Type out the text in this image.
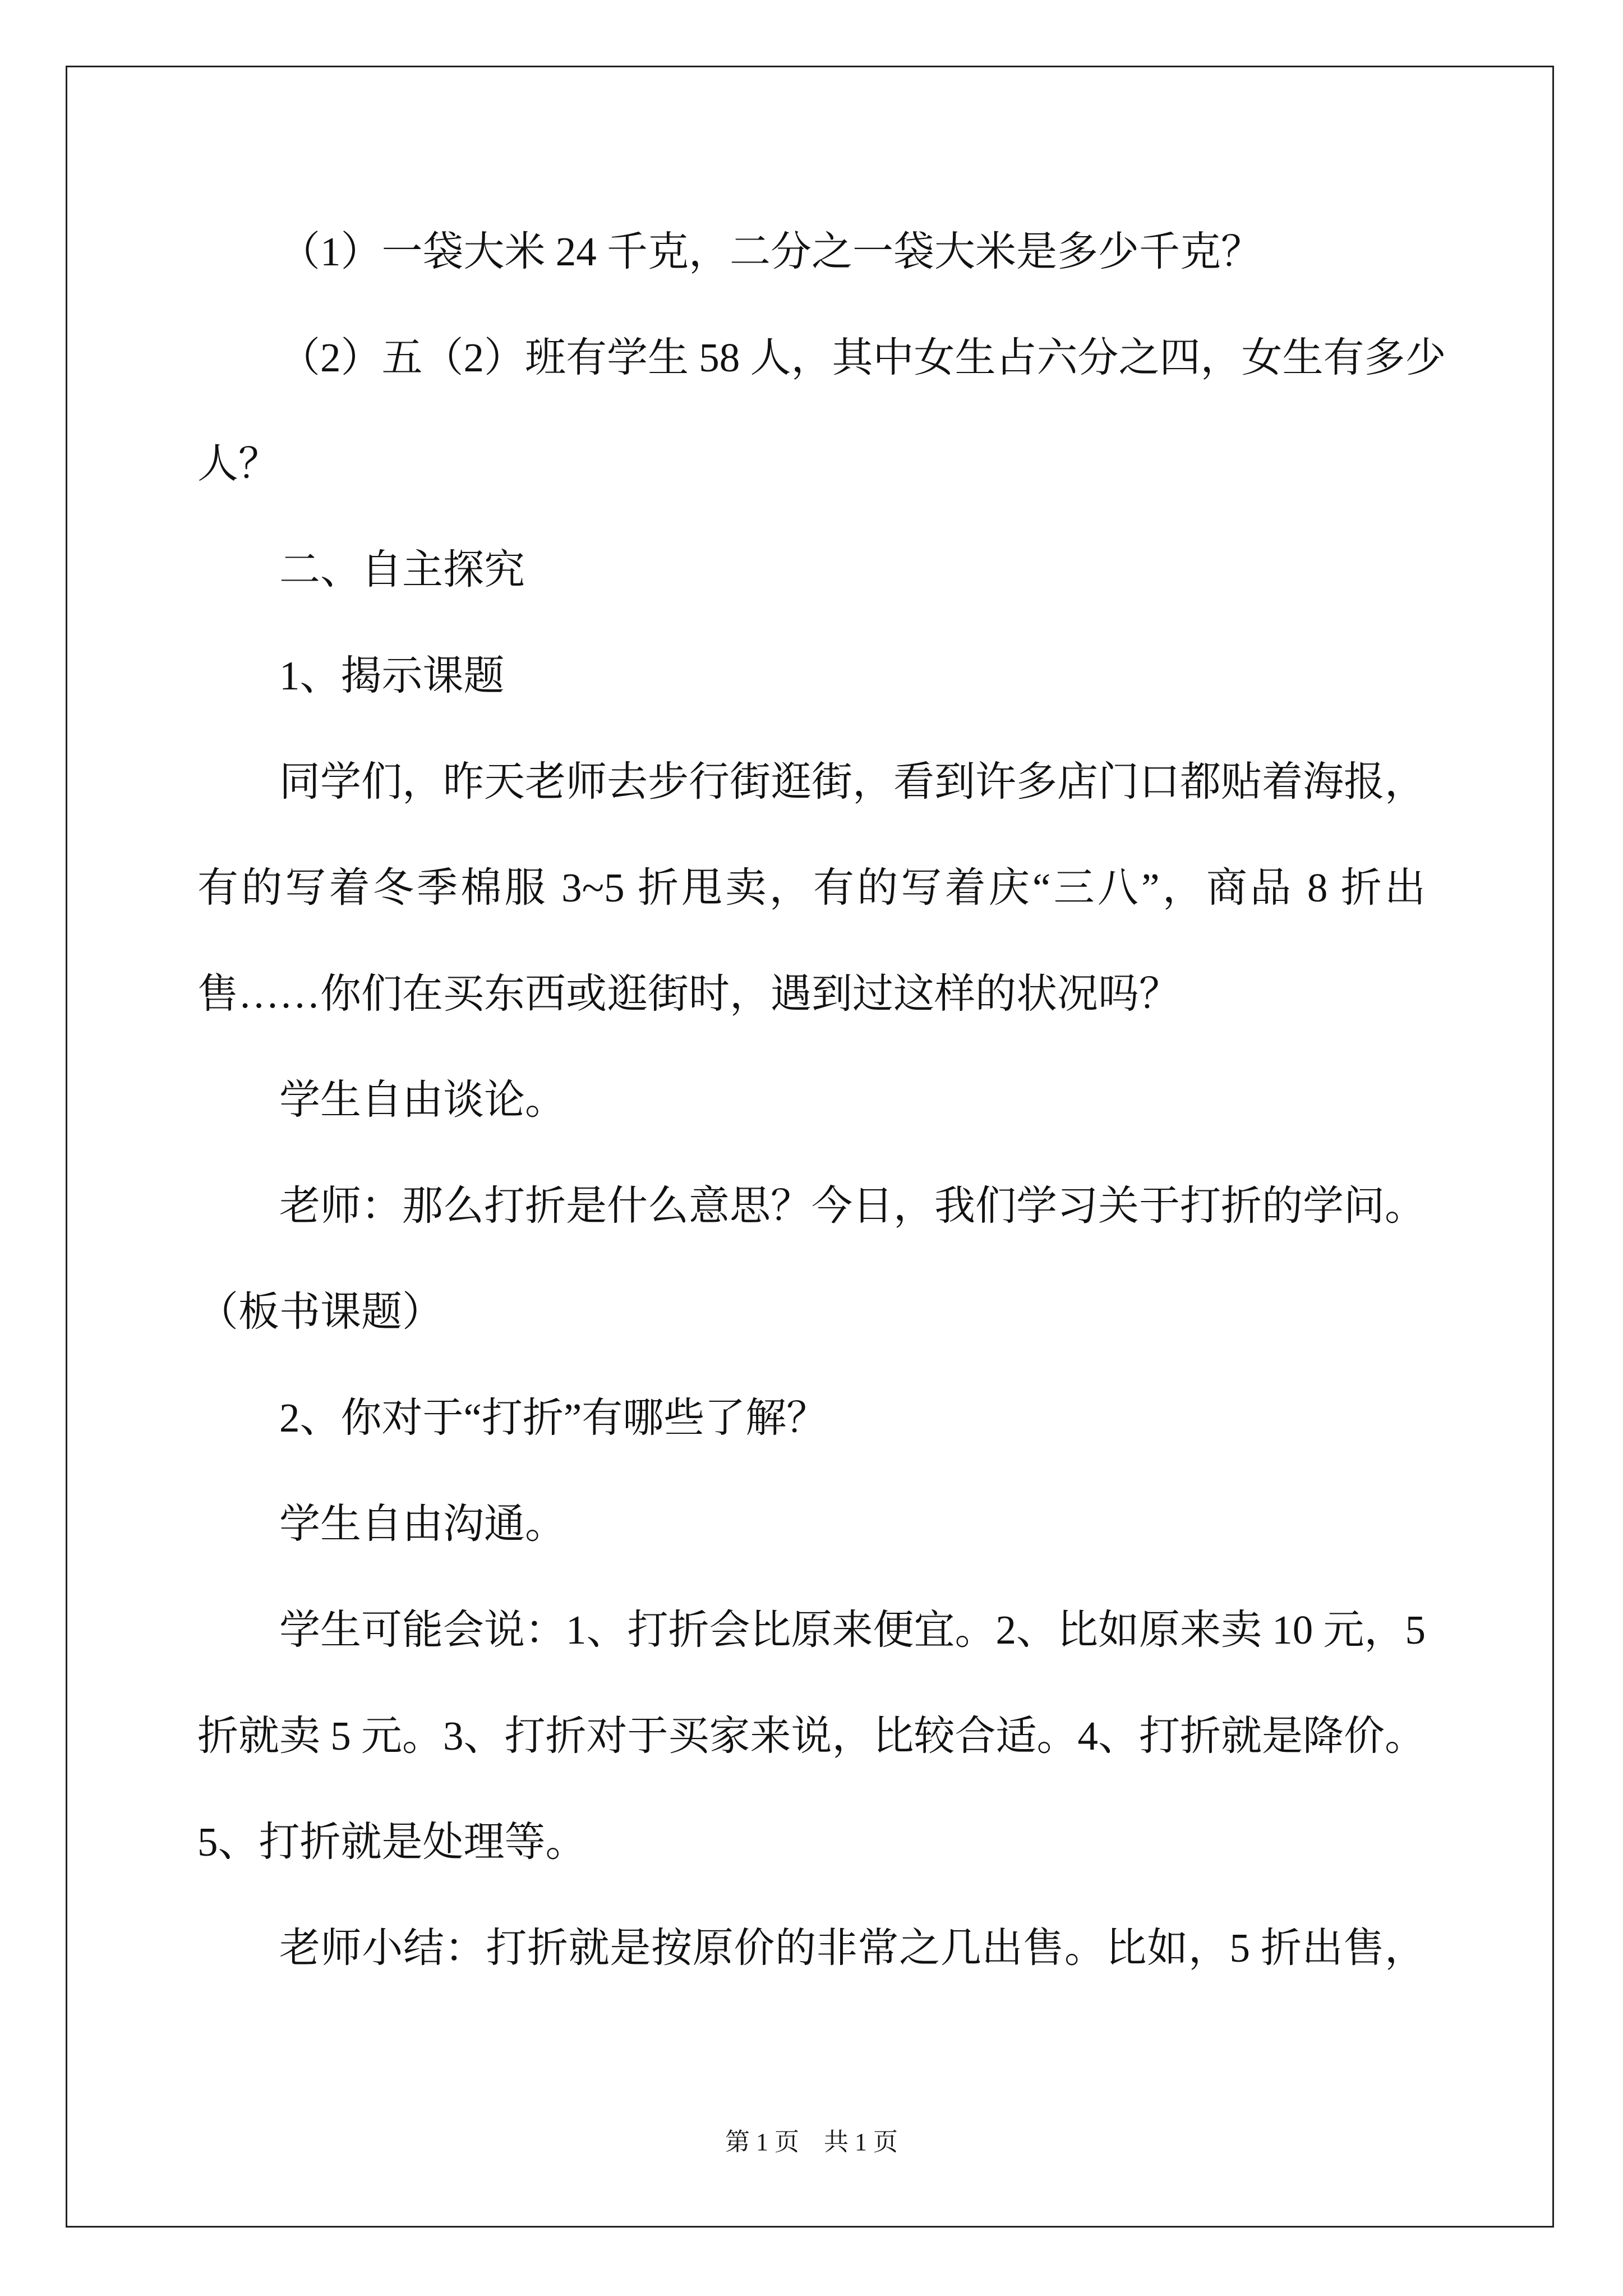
（1）一袋大米 24 千克，二分之一袋大米是多少千克？
（2）五（2）班有学生 58 人，其中女生占六分之四，女生有多少
人？
二、自主探究
1、揭示课题
同学们，昨天老师去步行街逛街，看到许多店门口都贴着海报，
有的写着冬季棉服 3~5 折甩卖，有的写着庆“三八”，商品 8 折出
售……你们在买东西或逛街时，遇到过这样的状况吗？
学生自由谈论。
老师：那么打折是什么意思？今日，我们学习关于打折的学问。
（板书课题）
2、你对于“打折”有哪些了解？
学生自由沟通。
学生可能会说：1、打折会比原来便宜。2、比如原来卖 10 元，5
折就卖 5 元。3、打折对于买家来说，比较合适。4、打折就是降价。
5、打折就是处理等。
老师小结：打折就是按原价的非常之几出售。比如，5 折出售，
第 1 页　共 1 页
